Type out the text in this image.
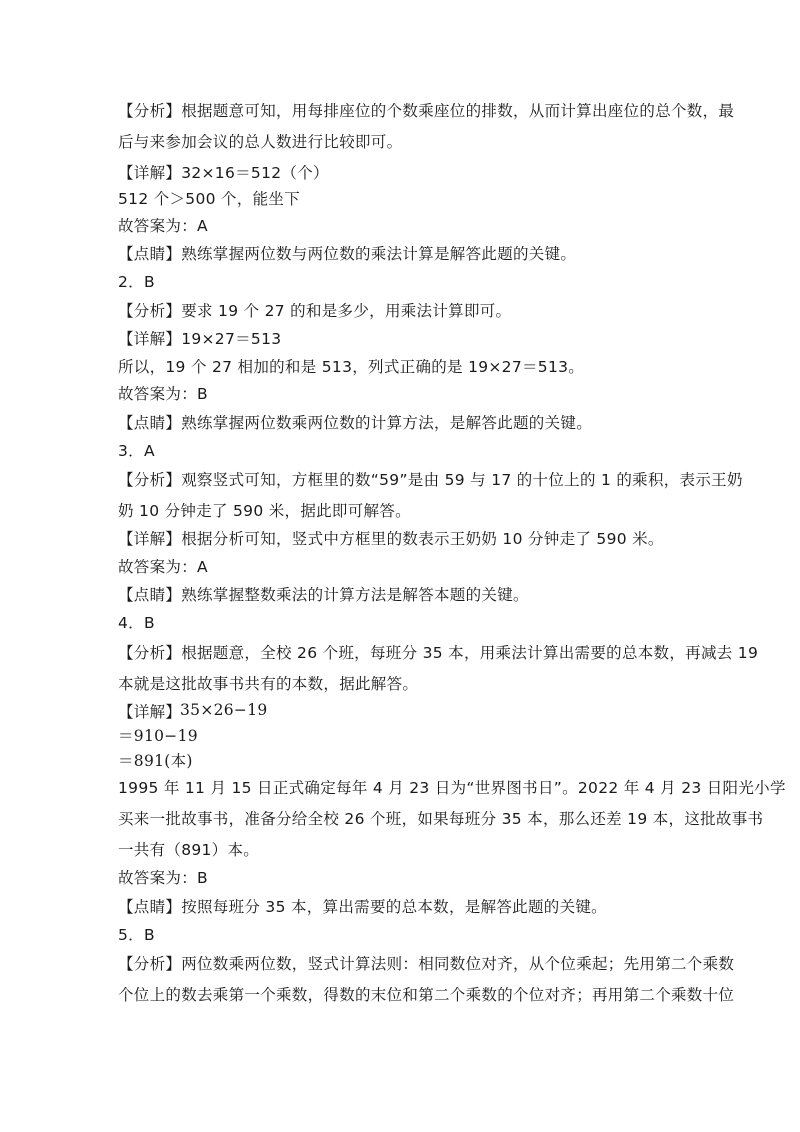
【分析】根据题意可知，用每排座位的个数乘座位的排数，从而计算出座位的总个数，最
后与来参加会议的总人数进行比较即可。
【详解】32×16＝512（个）
512 个＞500 个，能坐下
故答案为：A
【点睛】熟练掌握两位数与两位数的乘法计算是解答此题的关键。
2．B
【分析】要求 19 个 27 的和是多少，用乘法计算即可。
【详解】19×27＝513
所以，19 个 27 相加的和是 513，列式正确的是 19×27＝513。
故答案为：B
【点睛】熟练掌握两位数乘两位数的计算方法，是解答此题的关键。
3．A
【分析】观察竖式可知，方框里的数“59”是由 59 与 17 的十位上的 1 的乘积，表示王奶
奶 10 分钟走了 590 米，据此即可解答。
【详解】根据分析可知，竖式中方框里的数表示王奶奶 10 分钟走了 590 米。
故答案为：A
【点睛】熟练掌握整数乘法的计算方法是解答本题的关键。
4．B
【分析】根据题意，全校 26 个班，每班分 35 本，用乘法计算出需要的总本数，再减去 19
本就是这批故事书共有的本数，据此解答。
【详解】
35×26−19
＝910−19
＝891(本)
1995 年 11 月 15 日正式确定每年 4 月 23 日为“世界图书日”。2022 年 4 月 23 日阳光小学
买来一批故事书，准备分给全校 26 个班，如果每班分 35 本，那么还差 19 本，这批故事书
一共有（891）本。
故答案为：B
【点睛】按照每班分 35 本，算出需要的总本数，是解答此题的关键。
5．B
【分析】两位数乘两位数，竖式计算法则：相同数位对齐，从个位乘起；先用第二个乘数
个位上的数去乘第一个乘数，得数的末位和第二个乘数的个位对齐；再用第二个乘数十位
